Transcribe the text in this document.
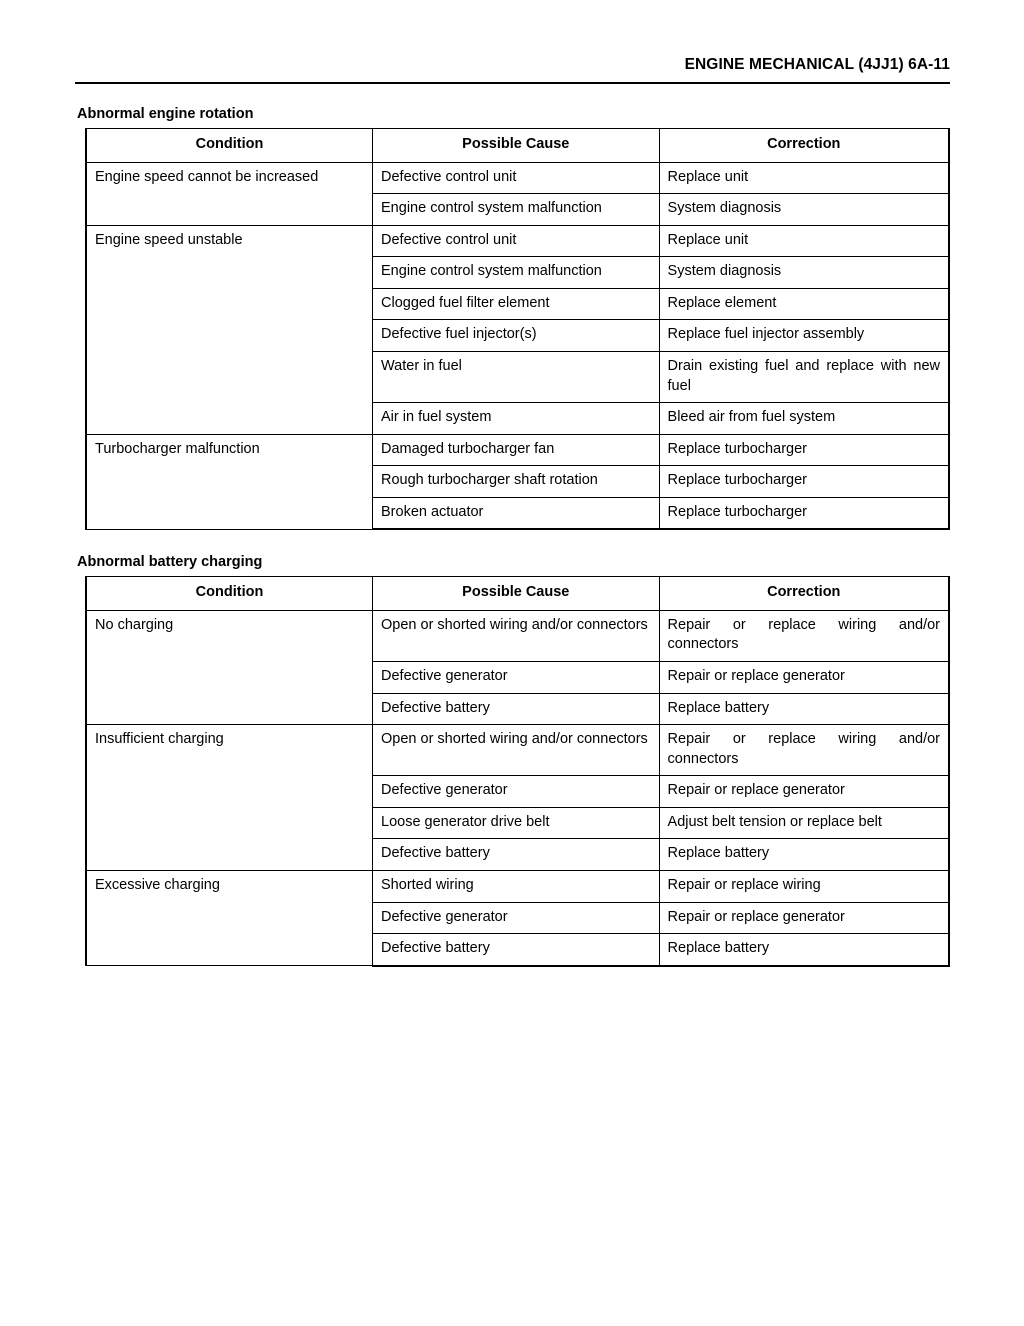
ENGINE MECHANICAL (4JJ1) 6A-11
Abnormal engine rotation
Condition	Possible Cause	Correction
Engine speed cannot be increased	Defective control unit	Replace unit
	Engine control system malfunction	System diagnosis
Engine speed unstable	Defective control unit	Replace unit
	Engine control system malfunction	System diagnosis
	Clogged fuel filter element	Replace element
	Defective fuel injector(s)	Replace fuel injector assembly
	Water in fuel	Drain existing fuel and replace with new fuel
	Air in fuel system	Bleed air from fuel system
Turbocharger malfunction	Damaged turbocharger fan	Replace turbocharger
	Rough turbocharger shaft rotation	Replace turbocharger
	Broken actuator	Replace turbocharger
Abnormal battery charging
Condition	Possible Cause	Correction
No charging	Open or shorted wiring and/or connectors	Repair or replace wiring and/or connectors
	Defective generator	Repair or replace generator
	Defective battery	Replace battery
Insufficient charging	Open or shorted wiring and/or connectors	Repair or replace wiring and/or connectors
	Defective generator	Repair or replace generator
	Loose generator drive belt	Adjust belt tension or replace belt
	Defective battery	Replace battery
Excessive charging	Shorted wiring	Repair or replace wiring
	Defective generator	Repair or replace generator
	Defective battery	Replace battery
